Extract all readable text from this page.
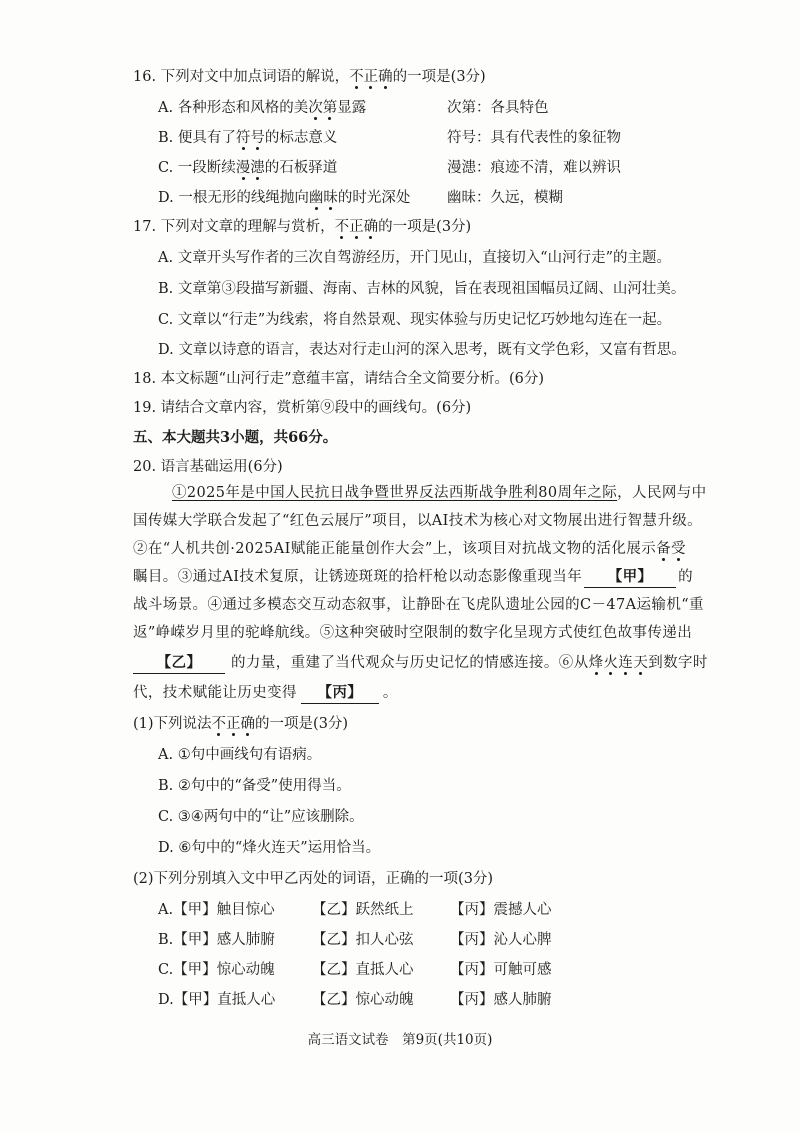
16. 下列对文中加点词语的解说，不正确的一项是(3分)
A. 各种形态和风格的美次第显露	次第：各具特色
B. 便具有了符号的标志意义	符号：具有代表性的象征物
C. 一段断续漫漶的石板驿道	漫漶：痕迹不清，难以辨识
D. 一根无形的线绳抛向幽昧的时光深处	幽昧：久远，模糊
17. 下列对文章的理解与赏析，不正确的一项是(3分)
A. 文章开头写作者的三次自驾游经历，开门见山，直接切入“山河行走”的主题。
B. 文章第③段描写新疆、海南、吉林的风貌，旨在表现祖国幅员辽阔、山河壮美。
C. 文章以“行走”为线索，将自然景观、现实体验与历史记忆巧妙地勾连在一起。
D. 文章以诗意的语言，表达对行走山河的深入思考，既有文学色彩，又富有哲思。
18. 本文标题“山河行走”意蕴丰富，请结合全文简要分析。(6分)
19. 请结合文章内容，赏析第⑨段中的画线句。(6分)
五、本大题共3小题，共66分。
20. 语言基础运用(6分)
①2025年是中国人民抗日战争暨世界反法西斯战争胜利80周年之际，人民网与中
国传媒大学联合发起了“红色云展厅”项目，以AI技术为核心对文物展出进行智慧升级。
②在“人机共创·2025AI赋能正能量创作大会”上，该项目对抗战文物的活化展示备受
瞩目。③通过AI技术复原，让锈迹斑斑的拾杆枪以动态影像重现当年 【甲】 的
战斗场景。④通过多模态交互动态叙事，让静卧在飞虎队遗址公园的C－47A运输机“重
返”峥嵘岁月里的驼峰航线。⑤这种突破时空限制的数字化呈现方式使红色故事传递出
【乙】 的力量，重建了当代观众与历史记忆的情感连接。⑥从烽火连天到数字时
代，技术赋能让历史变得 【丙】 。
(1)下列说法不正确的一项是(3分)
A. ①句中画线句有语病。
B. ②句中的“备受”使用得当。
C. ③④两句中的“让”应该删除。
D. ⑥句中的“烽火连天”运用恰当。
(2)下列分别填入文中甲乙丙处的词语，正确的一项(3分)
A.【甲】触目惊心	【乙】跃然纸上	【丙】震撼人心
B.【甲】感人肺腑	【乙】扣人心弦	【丙】沁人心脾
C.【甲】惊心动魄	【乙】直抵人心	【丙】可触可感
D.【甲】直抵人心	【乙】惊心动魄	【丙】感人肺腑
高三语文试卷　第9页(共10页)
